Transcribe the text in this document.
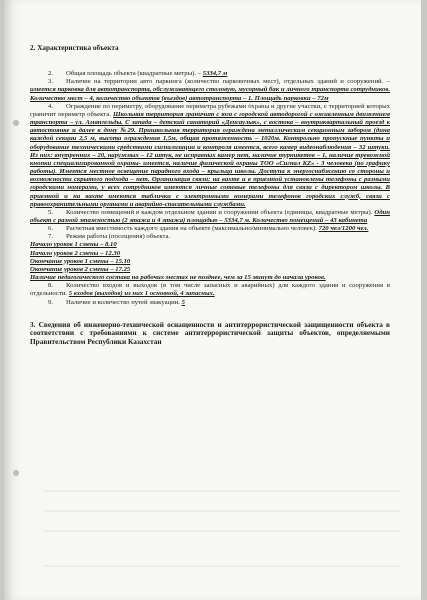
2. Характеристика объекта

2. Общая площадь объекта (квадратные метры). – 5334,7 м

3. Наличие на территории авто паркинга (количество парковочных мест), отдельных зданий и сооружений. – имеется парковка для автотранспорта, обслуживающего столовую, мусорный бак и личного транспорта сотрудников. Количество мест – 4, количество объектов (въездов) автотранспорта – 1. Площадь парковки – 72м

4. Ограждение по периметру, оборудование периметра рубежами охраны и другие участки, с территорией которых граничит периметр объекта. Школьная территория граничит с юга с городской автодорогой с оживленным движением транспорта – ул. Амангельды. С запада – детский санаторий «Денсаулык», с востока – внутриквартальный проезд к автостоянке и далее к дому №29. Пришкольная территория ограждена металлическим секционным забором (дина каждой секции 2,5 м, высота ограждения 1,5м, общая протяженность – 1020м. Контрольно пропускные пункты и оборудование техническими средствами сигнализации и контроля имеется, всего камер видеонаблюдения – 32 штуки. Из них: внутренних – 20, наружных – 12 штук, не исправных камер нет, наличие турникетов – 1, наличие тревожной кнопки специализированной охраны- имеется, наличие физической охраны ТОО «Сигнал KZ» - 3 человека (по графику работы). Имеется местное освещение парадного входа – крыльца школы. Доступа к энергоснабжению со стороны и возможности скрытого подхода – нет. Организация связи: на вахте и в приемной установлены телефоны с разными городскими номерами, у всех сотрудников имеются личные сотовые телефоны для связи с директором школы. В приемной и на вахте имеются таблички с электронными номерами телефонов городских служб, связи с правоохранительными органами и аварийно-спасательными службами.

5. Количество помещений в каждом отдельном здании и сооружении объекта (единицы, квадратные метры). Один объект с разной этажностью (2 этажа и 4 этажа) площадью – 5334,7 м. Количество помещений – 43 кабинета

6. Расчетная вместимость каждого здания на объекте (максимально/минимально человек). 720 чел/1200 чел.

7. Режим работы (посещения) объекта.

Начало уроков 1 смены – 8.10

Начало уроков 2 смены – 12.30

Окончание уроков 1 смены – 15.10

Окончание уроков 2 смены – 17.25

Наличие педагогического состава на рабочих местах не позднее, чем за 15 минут до начала уроков.

8. Количество входов и выходов (в том числе запасных и аварийных) для каждого здания и сооружения в отдельности. 5 входов (выходов) из них 1 основной, 4 запасных.

9. Наличие и количество путей эвакуации. 5

3. Сведения об инженерно-технической оснащенности и антитеррористической защищенности объекта в соответствии с требованиями к системе антитеррористической защиты объектов, определяемыми Правительством Республики Казахстан
